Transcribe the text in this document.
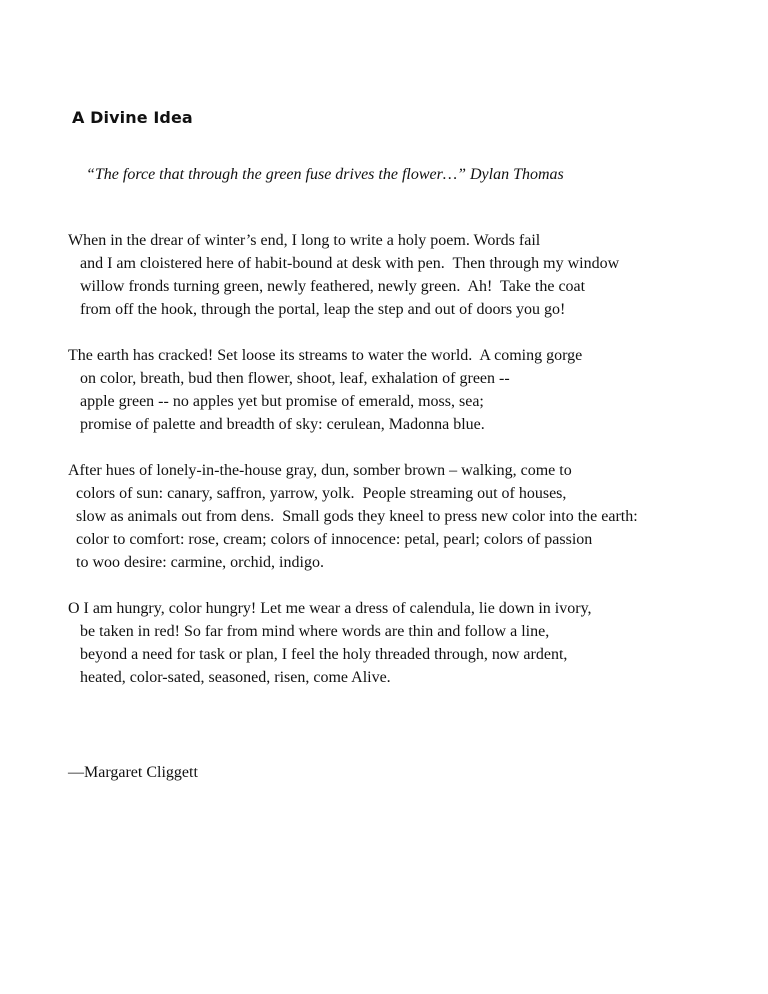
A Divine Idea

“The force that through the green fuse drives the flower…” Dylan Thomas

When in the drear of winter’s end, I long to write a holy poem. Words fail
and I am cloistered here of habit-bound at desk with pen.  Then through my window
willow fronds turning green, newly feathered, newly green.  Ah!  Take the coat
from off the hook, through the portal, leap the step and out of doors you go!
The earth has cracked! Set loose its streams to water the world.  A coming gorge
on color, breath, bud then flower, shoot, leaf, exhalation of green --
apple green -- no apples yet but promise of emerald, moss, sea;
promise of palette and breadth of sky: cerulean, Madonna blue.
After hues of lonely-in-the-house gray, dun, somber brown – walking, come to
colors of sun: canary, saffron, yarrow, yolk.  People streaming out of houses,
slow as animals out from dens.  Small gods they kneel to press new color into the earth:
color to comfort: rose, cream; colors of innocence: petal, pearl; colors of passion
to woo desire: carmine, orchid, indigo.
O I am hungry, color hungry! Let me wear a dress of calendula, lie down in ivory,
be taken in red! So far from mind where words are thin and follow a line,
beyond a need for task or plan, I feel the holy threaded through, now ardent,
heated, color-sated, seasoned, risen, come Alive.

—Margaret Cliggett
